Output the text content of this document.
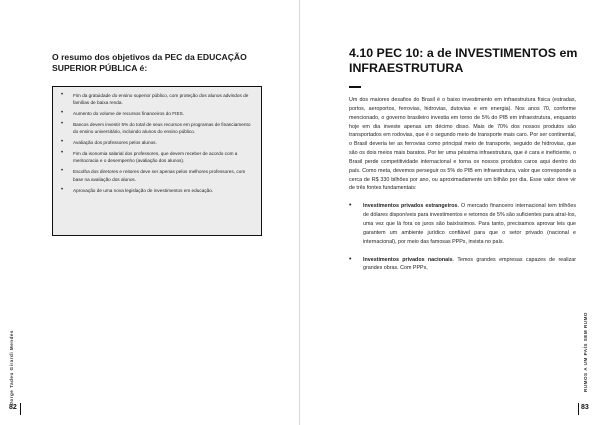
O resumo dos objetivos da PEC da EDUCAÇÃO SUPERIOR PÚBLICA é:
• Fim da gratuidade do ensino superior público, com proteção dos alunos advindos de famílias de baixa renda.
• Aumento do volume de recursos financeiros do FIES.
• Bancos devem investir 5% do total de seus recursos em programas de financiamento do ensino universitário, incluindo alunos do ensino público.
• Avaliação dos professores pelos alunos.
• Fim da isonomia salarial dos professores, que devem receber de acordo com a meritocracia e o desempenho (avaliação dos alunos).
• Escolha dos diretores e reitores deve ser apenas pelos melhores professores, com base na avaliação dos alunos.
• Aprovação de uma nova legislação de investimentos em educação.
Jorge Tadeu Girardi Mendes
82
4.10 PEC 10: a de INVESTIMENTOS em INFRAESTRUTURA

Um dos maiores desafios do Brasil é o baixo investimento em infraestrutura física (estradas, portos, aeroportos, ferrovias, hidrovias, dutovias e em energia). Nos anos 70, conforme mencionado, o governo brasileiro investia em torno de 5% do PIB em infraestrutura, enquanto hoje em dia investe apenas um décimo disso. Mais de 70% dos nossos produtos são transportados em rodovias, que é o segundo meio de transporte mais caro. Por ser continental, o Brasil deveria ter as ferrovias como principal meio de transporte, seguido de hidrovias, que são os dois meios mais baratos. Por ter uma péssima infraestrutura, que é cara e ineficiente, o Brasil perde competitividade internacional e torna os nossos produtos caros aqui dentro do país. Como meta, devemos perseguir os 5% do PIB em infraestrutura, valor que corresponde a cerca de R$ 330 bilhões por ano, ou aproximadamente um bilhão por dia. Esse valor deve vir de três fontes fundamentais:

• Investimentos privados estrangeiros. O mercado financeiro internacional tem trilhões de dólares disponíveis para investimentos e retornos de 5% são suficientes para atraí-los, uma vez que lá fora os juros são baixíssimos. Para tanto, precisamos aprovar leis que garantem um ambiente jurídico confiável para que o setor privado (nacional e internacional), por meio das famosas PPPs, invista no país.
• Investimentos privados nacionais. Temos grandes empresas capazes de realizar grandes obras. Com PPPs,
RUMOS A UM PAÍS SEM RUMO
83
